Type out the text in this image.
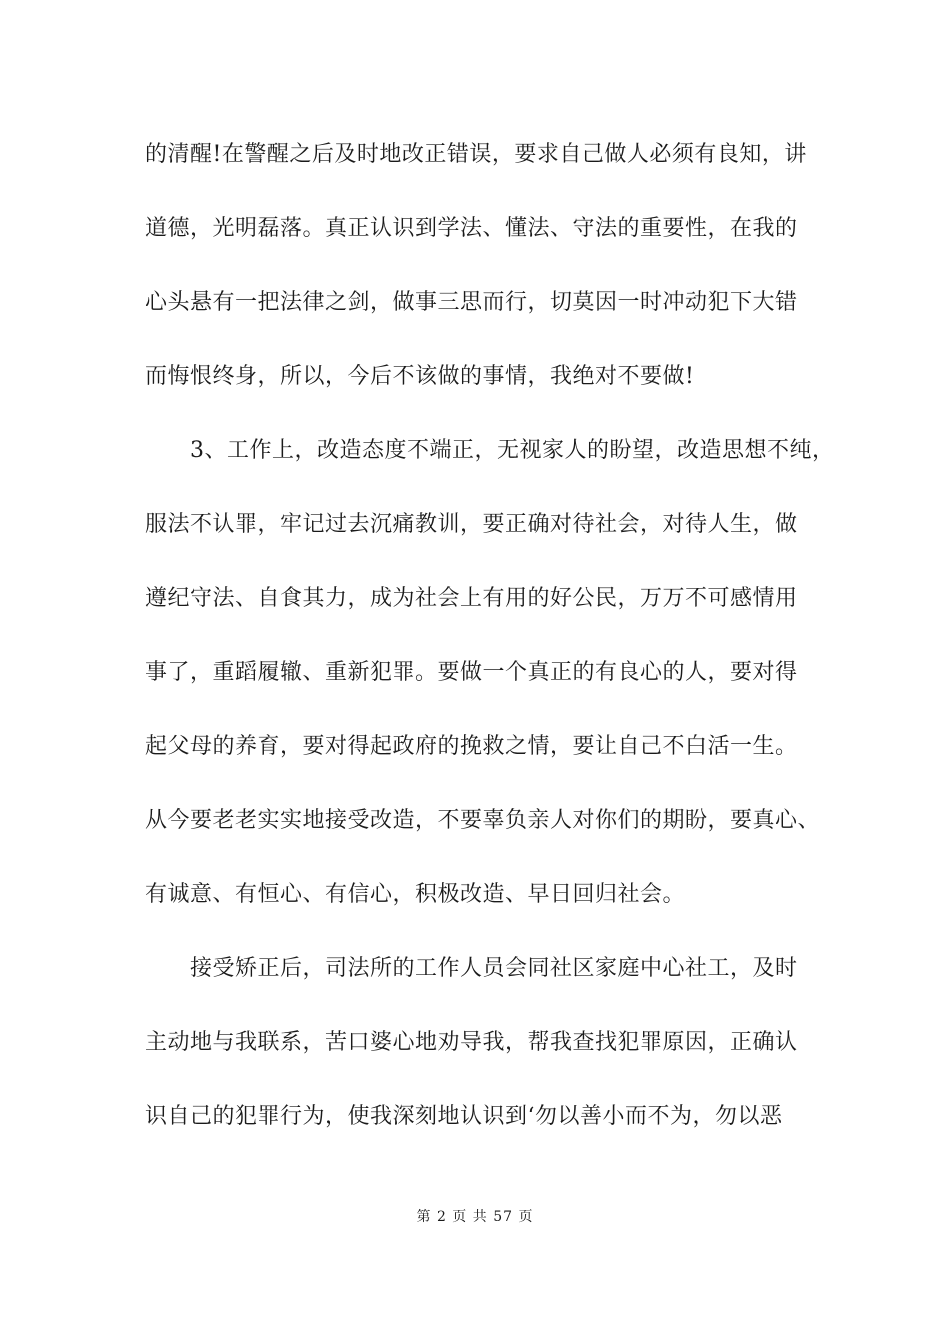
的清醒!在警醒之后及时地改正错误，要求自己做人必须有良知，讲
道德，光明磊落。真正认识到学法、懂法、守法的重要性，在我的
心头悬有一把法律之剑，做事三思而行，切莫因一时冲动犯下大错
而悔恨终身，所以，今后不该做的事情，我绝对不要做!
3、工作上，改造态度不端正，无视家人的盼望，改造思想不纯，
服法不认罪，牢记过去沉痛教训，要正确对待社会，对待人生，做
遵纪守法、自食其力，成为社会上有用的好公民，万万不可感情用
事了，重蹈履辙、重新犯罪。要做一个真正的有良心的人，要对得
起父母的养育，要对得起政府的挽救之情，要让自己不白活一生。
从今要老老实实地接受改造，不要辜负亲人对你们的期盼，要真心、
有诚意、有恒心、有信心，积极改造、早日回归社会。
接受矫正后，司法所的工作人员会同社区家庭中心社工，及时
主动地与我联系，苦口婆心地劝导我，帮我查找犯罪原因，正确认
识自己的犯罪行为，使我深刻地认识到‘勿以善小而不为，勿以恶
第 2 页 共 57 页
